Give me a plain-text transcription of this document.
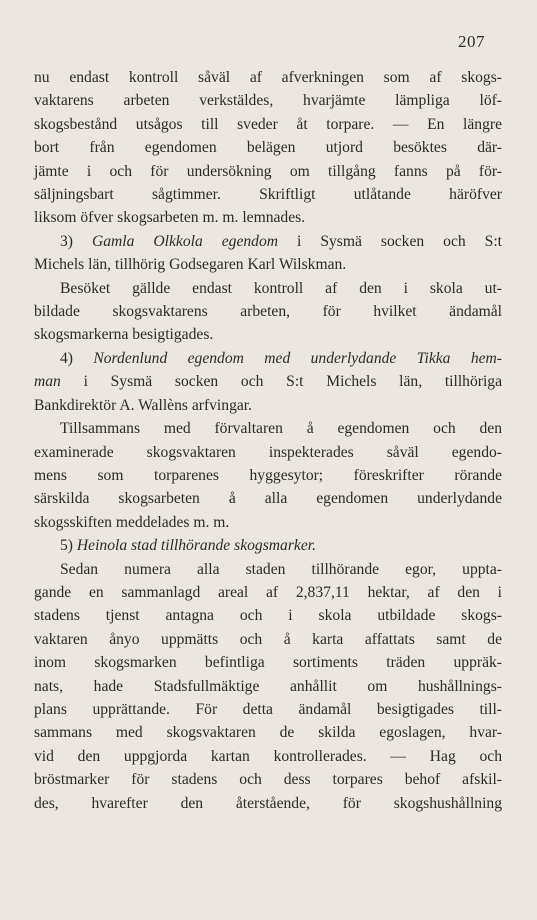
207
nu endast kontroll såväl af afverkningen som af skogs-
vaktarens arbeten verkstäldes, hvarjämte lämpliga löf-
skogsbestånd utsågos till sveder åt torpare. — En längre
bort från egendomen belägen utjord besöktes där-
jämte i och för undersökning om tillgång fanns på för-
säljningsbart sågtimmer. Skriftligt utlåtande häröfver
liksom öfver skogsarbeten m. m. lemnades.
3) Gamla Olkkola egendom i Sysmä socken och S:t
Michels län, tillhörig Godsegaren Karl Wilskman.
Besöket gällde endast kontroll af den i skola ut-
bildade skogsvaktarens arbeten, för hvilket ändamål
skogsmarkerna besigtigades.
4) Nordenlund egendom med underlydande Tikka hem-
man i Sysmä socken och S:t Michels län, tillhöriga
Bankdirektör A. Wallèns arfvingar.
Tillsammans med förvaltaren å egendomen och den
examinerade skogsvaktaren inspekterades såväl egendo-
mens som torparenes hyggesytor; föreskrifter rörande
särskilda skogsarbeten å alla egendomen underlydande
skogsskiften meddelades m. m.
5) Heinola stad tillhörande skogsmarker.
Sedan numera alla staden tillhörande egor, uppta-
gande en sammanlagd areal af 2,837,11 hektar, af den i
stadens tjenst antagna och i skola utbildade skogs-
vaktaren ånyo uppmätts och å karta affattats samt de
inom skogsmarken befintliga sortiments träden uppräk-
nats, hade Stadsfullmäktige anhållit om hushållnings-
plans upprättande. För detta ändamål besigtigades till-
sammans med skogsvaktaren de skilda egoslagen, hvar-
vid den uppgjorda kartan kontrollerades. — Hag och
bröstmarker för stadens och dess torpares behof afskil-
des, hvarefter den återstående, för skogshushållning
